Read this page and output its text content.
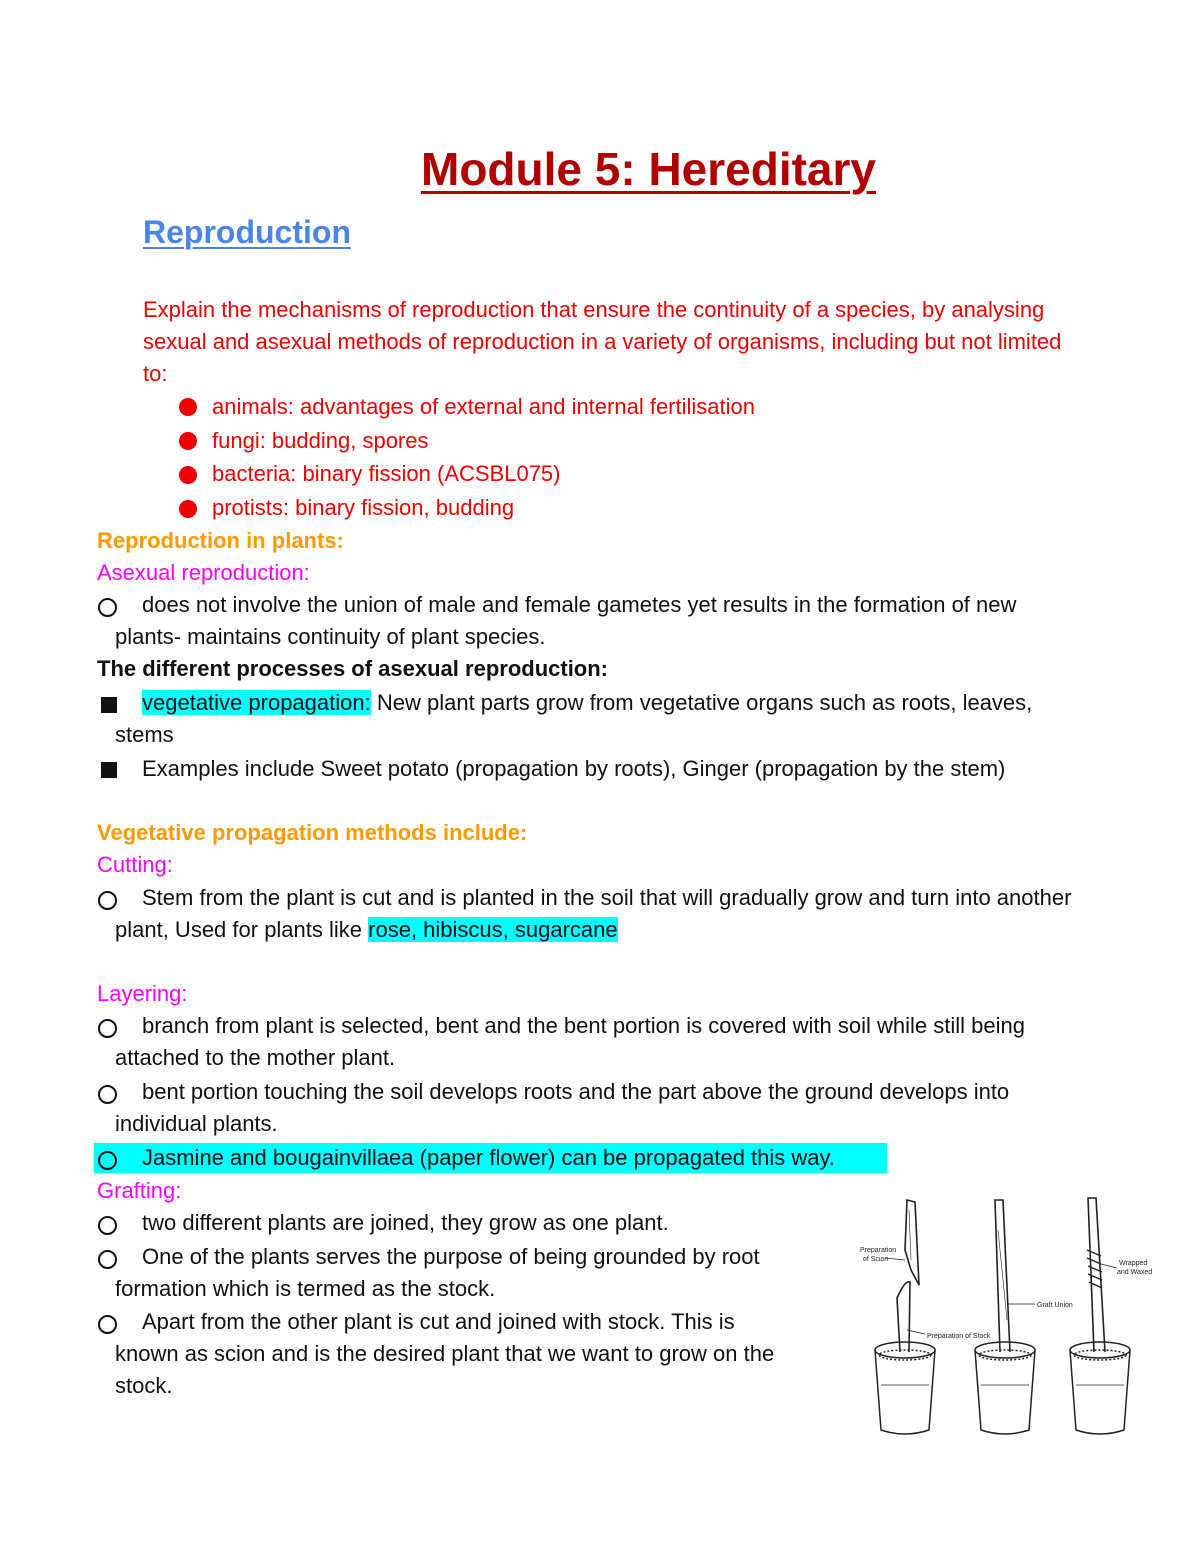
Module 5: Hereditary
Reproduction
Explain the mechanisms of reproduction that ensure the continuity of a species, by analysing
sexual and asexual methods of reproduction in a variety of organisms, including but not limited
to:
animals: advantages of external and internal fertilisation
fungi: budding, spores
bacteria: binary fission (ACSBL075)
protists: binary fission, budding
Reproduction in plants:
Asexual reproduction:
does not involve the union of male and female gametes yet results in the formation of new
plants- maintains continuity of plant species.
The different processes of asexual reproduction:
vegetative propagation: New plant parts grow from vegetative organs such as roots, leaves,
stems
Examples include Sweet potato (propagation by roots), Ginger (propagation by the stem)
Vegetative propagation methods include:
Cutting:
Stem from the plant is cut and is planted in the soil that will gradually grow and turn into another
plant, Used for plants like rose, hibiscus, sugarcane
Layering:
branch from plant is selected, bent and the bent portion is covered with soil while still being
attached to the mother plant.
bent portion touching the soil develops roots and the part above the ground develops into
individual plants.
Jasmine and bougainvillaea (paper flower) can be propagated this way.
Grafting:
two different plants are joined, they grow as one plant.
One of the plants serves the purpose of being grounded by root
formation which is termed as the stock.
Apart from the other plant is cut and joined with stock. This is
known as scion and is the desired plant that we want to grow on the
stock.
Preparation
of Scion
Preparation of Stock
Graft Union
Wrapped
and Waxed
